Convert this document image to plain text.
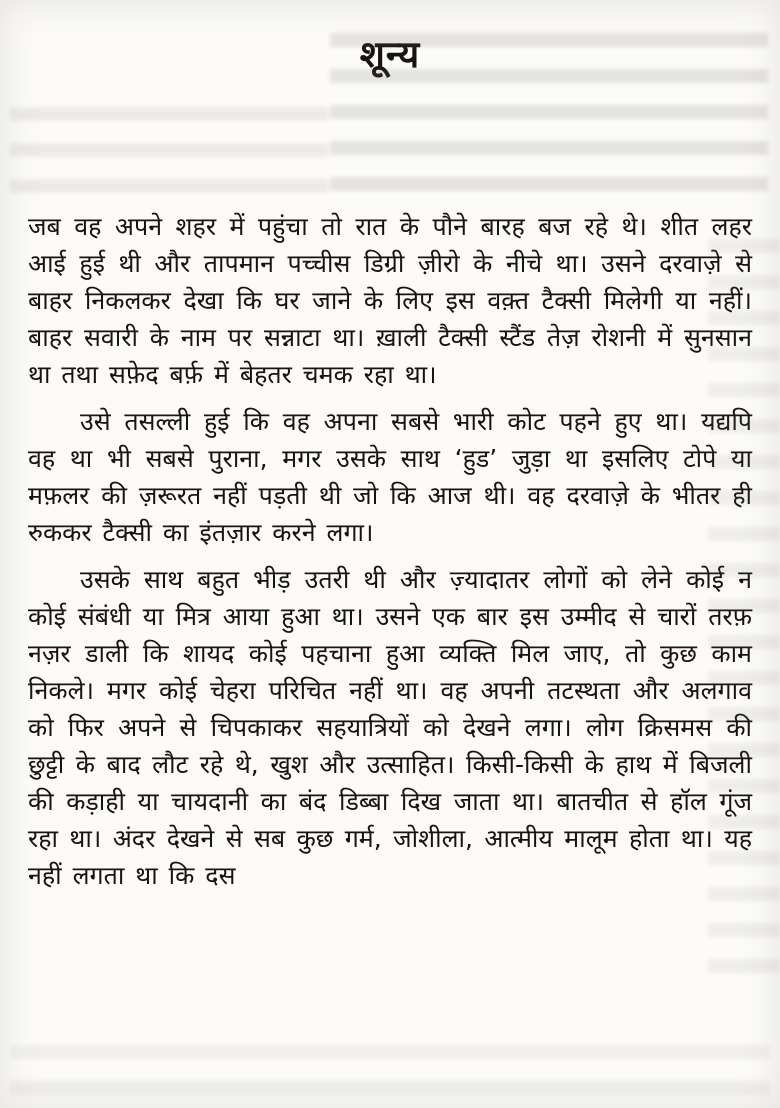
शून्य

जब वह अपने शहर में पहुंचा तो रात के पौने बारह बज रहे थे। शीत लहर आई हुई थी और तापमान पच्चीस डिग्री ज़ीरो के नीचे था। उसने दरवाज़े से बाहर निकलकर देखा कि घर जाने के लिए इस वक़्त टैक्सी मिलेगी या नहीं। बाहर सवारी के नाम पर सन्नाटा था। ख़ाली टैक्सी स्टैंड तेज़ रोशनी में सुनसान था तथा सफ़ेद बर्फ़ में बेहतर चमक रहा था।

उसे तसल्ली हुई कि वह अपना सबसे भारी कोट पहने हुए था। यद्यपि वह था भी सबसे पुराना, मगर उसके साथ ‘हुड’ जुड़ा था इसलिए टोपे या मफ़लर की ज़रूरत नहीं पड़ती थी जो कि आज थी। वह दरवाज़े के भीतर ही रुककर टैक्सी का इंतज़ार करने लगा।

उसके साथ बहुत भीड़ उतरी थी और ज़्यादातर लोगों को लेने कोई न कोई संबंधी या मित्र आया हुआ था। उसने एक बार इस उम्मीद से चारों तरफ़ नज़र डाली कि शायद कोई पहचाना हुआ व्यक्ति मिल जाए, तो कुछ काम निकले। मगर कोई चेहरा परिचित नहीं था। वह अपनी तटस्थता और अलगाव को फिर अपने से चिपकाकर सहयात्रियों को देखने लगा। लोग क्रिसमस की छुट्टी के बाद लौट रहे थे, खुश और उत्साहित। किसी-किसी के हाथ में बिजली की कड़ाही या चायदानी का बंद डिब्बा दिख जाता था। बातचीत से हॉल गूंज रहा था। अंदर देखने से सब कुछ गर्म, जोशीला, आत्मीय मालूम होता था। यह नहीं लगता था कि दस
